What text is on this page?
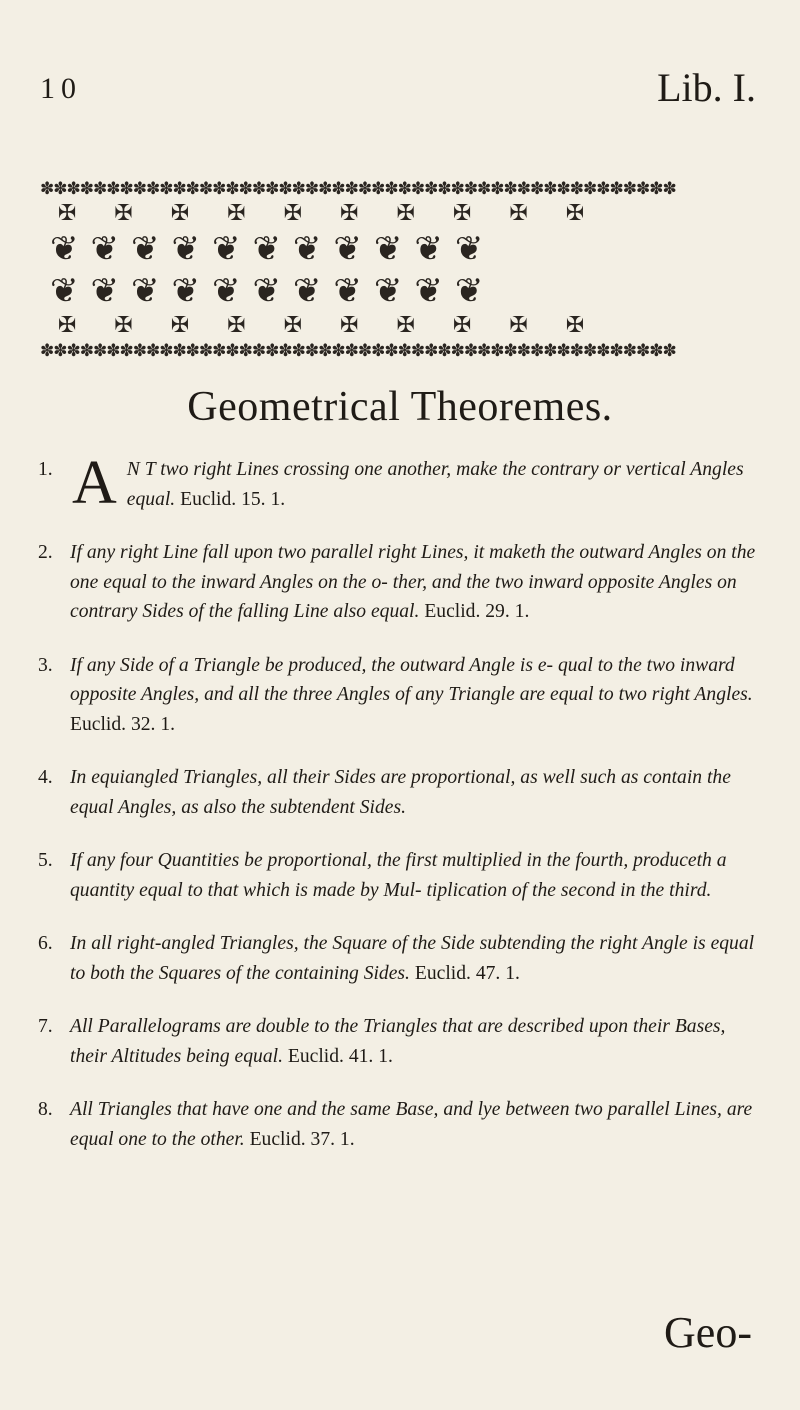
10	Lib. I.
✽✽✽✽✽✽✽✽✽✽✽✽✽✽✽✽✽✽✽✽✽✽✽✽✽✽✽✽✽✽✽✽✽✽✽✽✽✽✽✽✽✽✽✽✽✽✽✽
✠✠✠✠✠✠✠✠✠✠
❦❦❦❦❦❦❦❦❦❦❦
❦❦❦❦❦❦❦❦❦❦❦
✠✠✠✠✠✠✠✠✠✠
✽✽✽✽✽✽✽✽✽✽✽✽✽✽✽✽✽✽✽✽✽✽✽✽✽✽✽✽✽✽✽✽✽✽✽✽✽✽✽✽✽✽✽✽✽✽✽✽
Geometrical Theoremes.
1. A N T two right Lines crossing one another, make the contrary or vertical Angles equal. Euclid. 15. 1.
2. If any right Line fall upon two parallel right Lines, it maketh the outward Angles on the one equal to the inward Angles on the o- ther, and the two inward opposite Angles on contrary Sides of the falling Line also equal. Euclid. 29. 1.
3. If any Side of a Triangle be produced, the outward Angle is e- qual to the two inward opposite Angles, and all the three Angles of any Triangle are equal to two right Angles. Euclid. 32. 1.
4. In equiangled Triangles, all their Sides are proportional, as well such as contain the equal Angles, as also the subtendent Sides.
5. If any four Quantities be proportional, the first multiplied in the fourth, produceth a quantity equal to that which is made by Mul- tiplication of the second in the third.
6. In all right-angled Triangles, the Square of the Side subtending the right Angle is equal to both the Squares of the containing Sides. Euclid. 47. 1.
7. All Parallelograms are double to the Triangles that are described upon their Bases, their Altitudes being equal. Euclid. 41. 1.
8. All Triangles that have one and the same Base, and lye between two parallel Lines, are equal one to the other. Euclid. 37. 1.
Geo-
